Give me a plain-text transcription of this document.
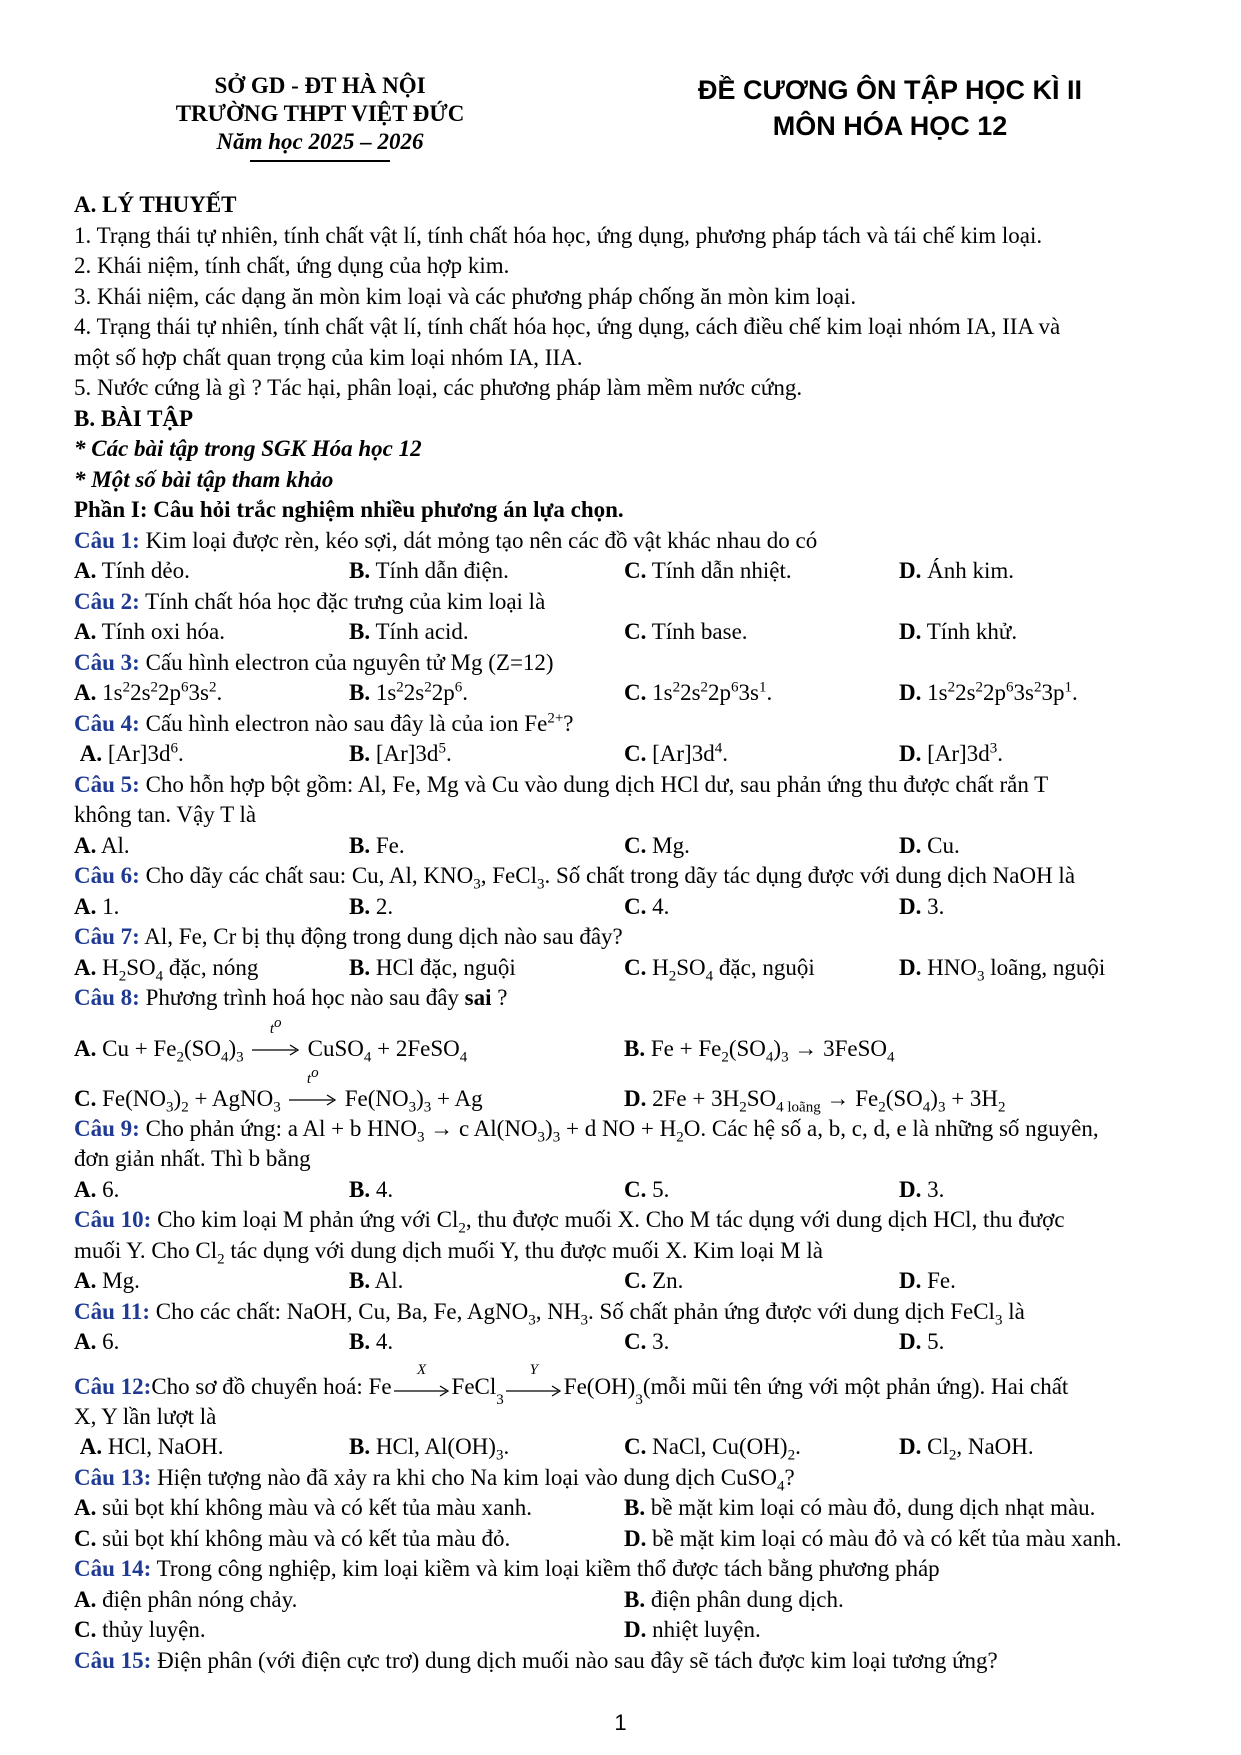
SỞ GD - ĐT HÀ NỘI
TRƯỜNG THPT VIỆT ĐỨC
Năm học 2025 – 2026
ĐỀ CƯƠNG ÔN TẬP HỌC KÌ II
MÔN HÓA HỌC 12
A. LÝ THUYẾT
1. Trạng thái tự nhiên, tính chất vật lí, tính chất hóa học, ứng dụng, phương pháp tách và tái chế kim loại.
2. Khái niệm, tính chất, ứng dụng của hợp kim.
3. Khái niệm, các dạng ăn mòn kim loại và các phương pháp chống ăn mòn kim loại.
4. Trạng thái tự nhiên, tính chất vật lí, tính chất hóa học, ứng dụng, cách điều chế kim loại nhóm IA, IIA và
một số hợp chất quan trọng của kim loại nhóm IA, IIA.
5. Nước cứng là gì ? Tác hại, phân loại, các phương pháp làm mềm nước cứng.
B. BÀI TẬP
* Các bài tập trong SGK Hóa học 12
* Một số bài tập tham khảo
Phần I: Câu hỏi trắc nghiệm nhiều phương án lựa chọn.
Câu 1: Kim loại được rèn, kéo sợi, dát mỏng tạo nên các đồ vật khác nhau do có
A. Tính dẻo.	B. Tính dẫn điện.	C. Tính dẫn nhiệt.	D. Ánh kim.
Câu 2: Tính chất hóa học đặc trưng của kim loại là
A. Tính oxi hóa.	B. Tính acid.	C. Tính base.	D. Tính khử.
Câu 3: Cấu hình electron của nguyên tử Mg (Z=12)
A. $1s^22s^22p^63s^2$.	B. $1s^22s^22p^6$.	C. $1s^22s^22p^63s^1$.	D. $1s^22s^22p^63s^23p^1$.
Câu 4: Cấu hình electron nào sau đây là của ion $Fe^{2+}$?
A. $[Ar]3d^6$.	B. $[Ar]3d^5$.	C. $[Ar]3d^4$.	D. $[Ar]3d^3$.
Câu 5: Cho hỗn hợp bột gồm: Al, Fe, Mg và Cu vào dung dịch HCl dư, sau phản ứng thu được chất rắn T
không tan. Vậy T là
A. Al.	B. Fe.	C. Mg.	D. Cu.
Câu 6: Cho dãy các chất sau: Cu, Al, $KNO_3$, FeCl$_3$. Số chất trong dãy tác dụng được với dung dịch NaOH là
A. 1.	B. 2.	C. 4.	D. 3.
Câu 7: Al, Fe, Cr bị thụ động trong dung dịch nào sau đây?
A. $H_2SO_4$ đặc, nóng	B. HCl đặc, nguội	C. $H_2SO_4$ đặc, nguội	D. $HNO_3$ loãng, nguội
Câu 8: Phương trình hoá học nào sau đây sai ?
A. $Cu + Fe_2(SO_4)_3$
$t^o$
CuSO$_4$ + 2FeSO$_4$	B. $Fe + Fe_2(SO_4)_3$ → 3FeSO$_4$
C. $Fe(NO_3)_2$ + AgNO$_3$
$t^o$
$Fe(NO_3)_3 + Ag$	D. $2Fe + 3H_2SO_{4 loãng} \to Fe_2(SO_4)_3 + 3H_2$
Câu 9: Cho phản ứng: a Al + b $HNO_3 \to c$ $Al(NO_3)_3 + d$ NO + $H_2O$. Các hệ số a, b, c, d, e là những số nguyên,
đơn giản nhất. Thì b bằng
A. 6.	B. 4.	C. 5.	D. 3.
Câu 10: Cho kim loại M phản ứng với $Cl_2$, thu được muối X. Cho M tác dụng với dung dịch HCl, thu được
muối Y. Cho $Cl_2$ tác dụng với dung dịch muối Y, thu được muối X. Kim loại M là
A. Mg.	B. Al.	C. Zn.	D. Fe.
Câu 11: Cho các chất: NaOH, Cu, Ba, Fe, AgNO$_3$, $NH_3$. Số chất phản ứng được với dung dịch FeCl$_3$ là
A. 6.	B. 4.	C. 3.	D. 5.
Câu 12: Cho sơ đồ chuyển hoá: Fe
X
FeCl
3
Y
Fe(OH)
3
(mỗi mũi tên ứng với một phản ứng). Hai chất
X, Y lần lượt là
A. HCl, NaOH.	B. HCl, $Al(OH)_3$.	C. NaCl, $Cu(OH)_2$.	D. $Cl_2$, NaOH.
Câu 13: Hiện tượng nào đã xảy ra khi cho Na kim loại vào dung dịch CuSO$_4$?
A. sủi bọt khí không màu và có kết tủa màu xanh.	B. bề mặt kim loại có màu đỏ, dung dịch nhạt màu.
C. sủi bọt khí không màu và có kết tủa màu đỏ.	D. bề mặt kim loại có màu đỏ và có kết tủa màu xanh.
Câu 14: Trong công nghiệp, kim loại kiềm và kim loại kiềm thổ được tách bằng phương pháp
A. điện phân nóng chảy.	B. điện phân dung dịch.
C. thủy luyện.	D. nhiệt luyện.
Câu 15: Điện phân (với điện cực trơ) dung dịch muối nào sau đây sẽ tách được kim loại tương ứng?
1
